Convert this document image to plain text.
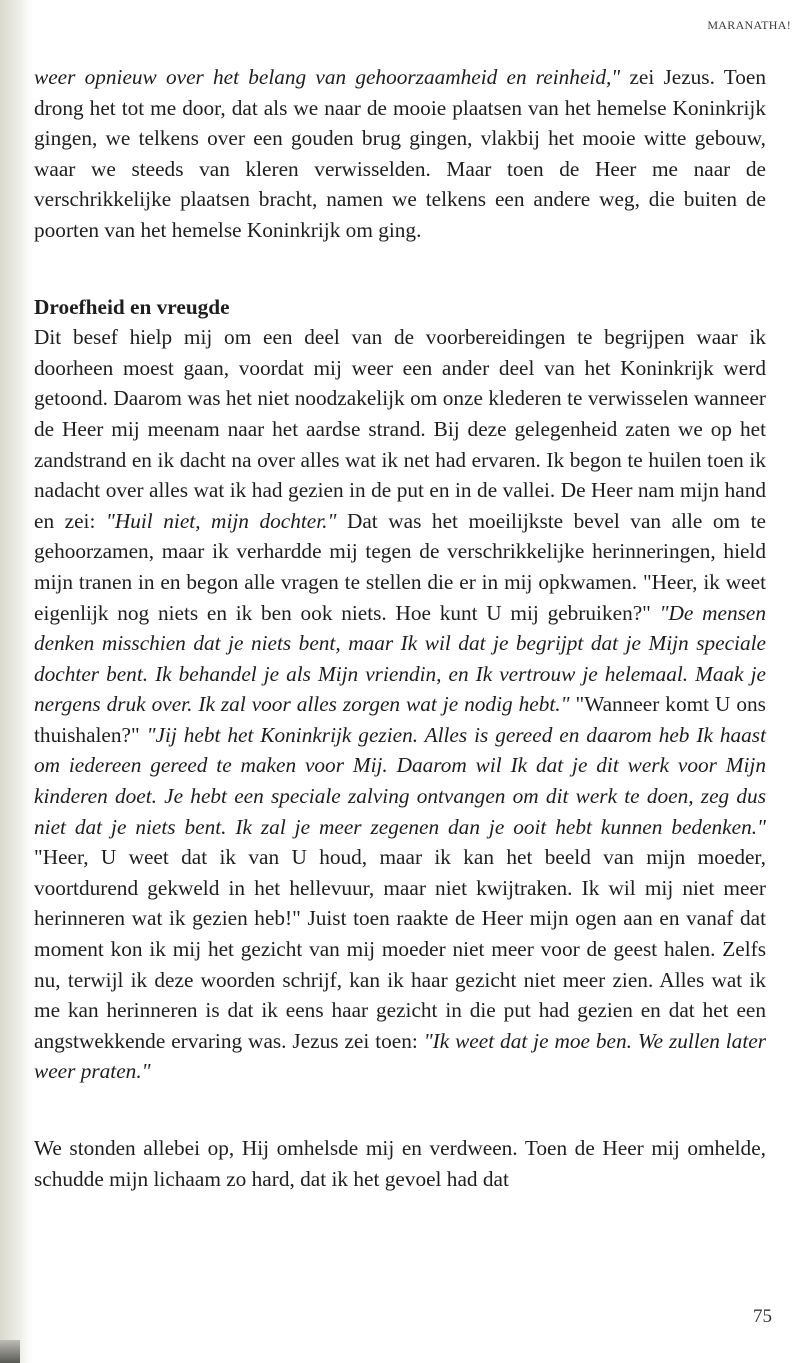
MARANATHA!

weer opnieuw over het belang van gehoorzaamheid en reinheid," zei Jezus. Toen drong het tot me door, dat als we naar de mooie plaatsen van het hemelse Koninkrijk gingen, we telkens over een gouden brug gingen, vlakbij het mooie witte gebouw, waar we steeds van kleren verwisselden. Maar toen de Heer me naar de verschrikkelijke plaatsen bracht, namen we telkens een andere weg, die buiten de poorten van het hemelse Koninkrijk om ging.

Droefheid en vreugde

Dit besef hielp mij om een deel van de voorbereidingen te begrijpen waar ik doorheen moest gaan, voordat mij weer een ander deel van het Koninkrijk werd getoond. Daarom was het niet noodzakelijk om onze klederen te verwisselen wanneer de Heer mij meenam naar het aardse strand. Bij deze gelegenheid zaten we op het zandstrand en ik dacht na over alles wat ik net had ervaren. Ik begon te huilen toen ik nadacht over alles wat ik had gezien in de put en in de vallei. De Heer nam mijn hand en zei: "Huil niet, mijn dochter." Dat was het moeilijkste bevel van alle om te gehoorzamen, maar ik verhardde mij tegen de verschrikkelijke herinneringen, hield mijn tranen in en begon alle vragen te stellen die er in mij opkwamen. "Heer, ik weet eigenlijk nog niets en ik ben ook niets. Hoe kunt U mij gebruiken?" "De mensen denken misschien dat je niets bent, maar Ik wil dat je begrijpt dat je Mijn speciale dochter bent. Ik behandel je als Mijn vriendin, en Ik vertrouw je helemaal. Maak je nergens druk over. Ik zal voor alles zorgen wat je nodig hebt." "Wanneer komt U ons thuishalen?" "Jij hebt het Koninkrijk gezien. Alles is gereed en daarom heb Ik haast om iedereen gereed te maken voor Mij. Daarom wil Ik dat je dit werk voor Mijn kinderen doet. Je hebt een speciale zalving ontvangen om dit werk te doen, zeg dus niet dat je niets bent. Ik zal je meer zegenen dan je ooit hebt kunnen bedenken." "Heer, U weet dat ik van U houd, maar ik kan het beeld van mijn moeder, voortdurend gekweld in het hellevuur, maar niet kwijtraken. Ik wil mij niet meer herinneren wat ik gezien heb!" Juist toen raakte de Heer mijn ogen aan en vanaf dat moment kon ik mij het gezicht van mij moeder niet meer voor de geest halen. Zelfs nu, terwijl ik deze woorden schrijf, kan ik haar gezicht niet meer zien. Alles wat ik me kan herinneren is dat ik eens haar gezicht in die put had gezien en dat het een angstwekkende ervaring was. Jezus zei toen: "Ik weet dat je moe ben. We zullen later weer praten."

We stonden allebei op, Hij omhelsde mij en verdween. Toen de Heer mij omhelde, schudde mijn lichaam zo hard, dat ik het gevoel had dat

75
